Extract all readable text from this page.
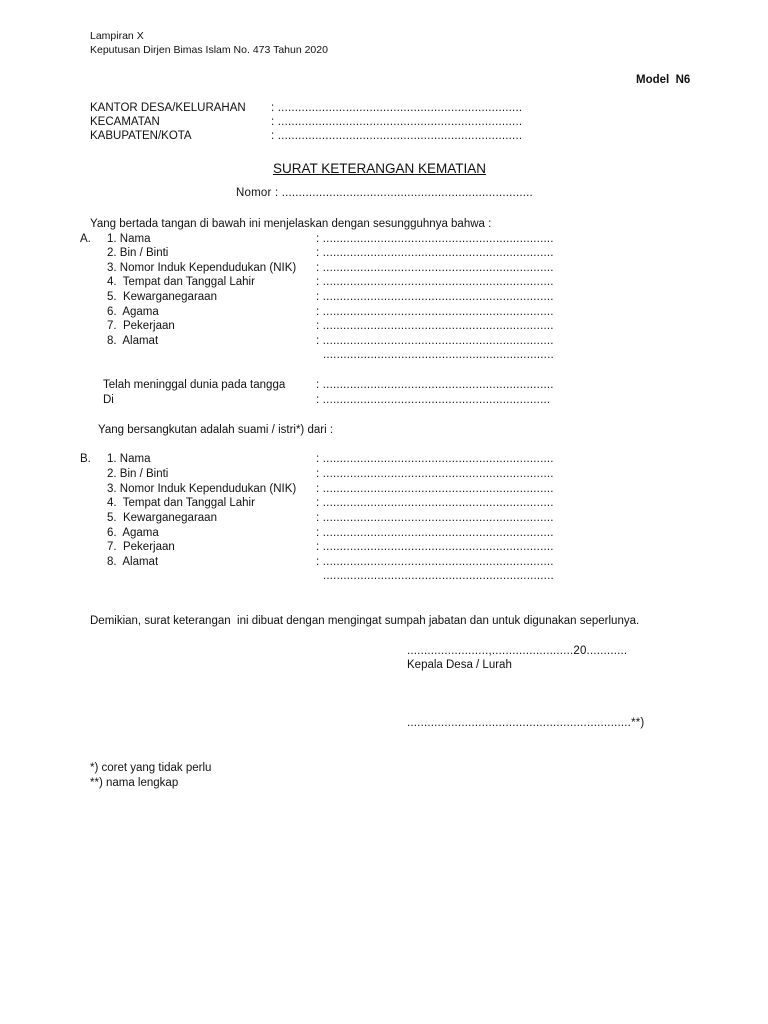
Lampiran X
Keputusan Dirjen Bimas Islam No. 473 Tahun 2020
Model  N6
KANTOR DESA/KELURAHAN : ........................................................................
KECAMATAN	: ........................................................................
KABUPATEN/KOTA	: ........................................................................
SURAT KETERANGAN KEMATIAN
Nomor : ..........................................................................
Yang bertada tangan di bawah ini menjelaskan dengan sesungguhnya bahwa :
A. 1. Nama	: ....................................................................
2. Bin / Binti	: ....................................................................
3. Nomor Induk Kependudukan (NIK) : ....................................................................
4.  Tempat dan Tanggal Lahir	: ....................................................................
5.  Kewarganegaraan	: ....................................................................
6.  Agama	: ....................................................................
7.  Pekerjaan	: ....................................................................
8.  Alamat	: ....................................................................
....................................................................
Telah meninggal dunia pada tangga	: ....................................................................
Di	: ...................................................................
Yang bersangkutan adalah suami / istri*) dari :
B. 1. Nama	: ....................................................................
2. Bin / Binti	: ....................................................................
3. Nomor Induk Kependudukan (NIK) : ....................................................................
4.  Tempat dan Tanggal Lahir	: ....................................................................
5.  Kewarganegaraan	: ....................................................................
6.  Agama	: ....................................................................
7.  Pekerjaan	: ....................................................................
8.  Alamat	: ....................................................................
....................................................................
Demikian, surat keterangan  ini dibuat dengan mengingat sumpah jabatan dan untuk digunakan seperlunya.
........................,........................20............
Kepala Desa / Lurah
..................................................................**)
*) coret yang tidak perlu
**) nama lengkap
